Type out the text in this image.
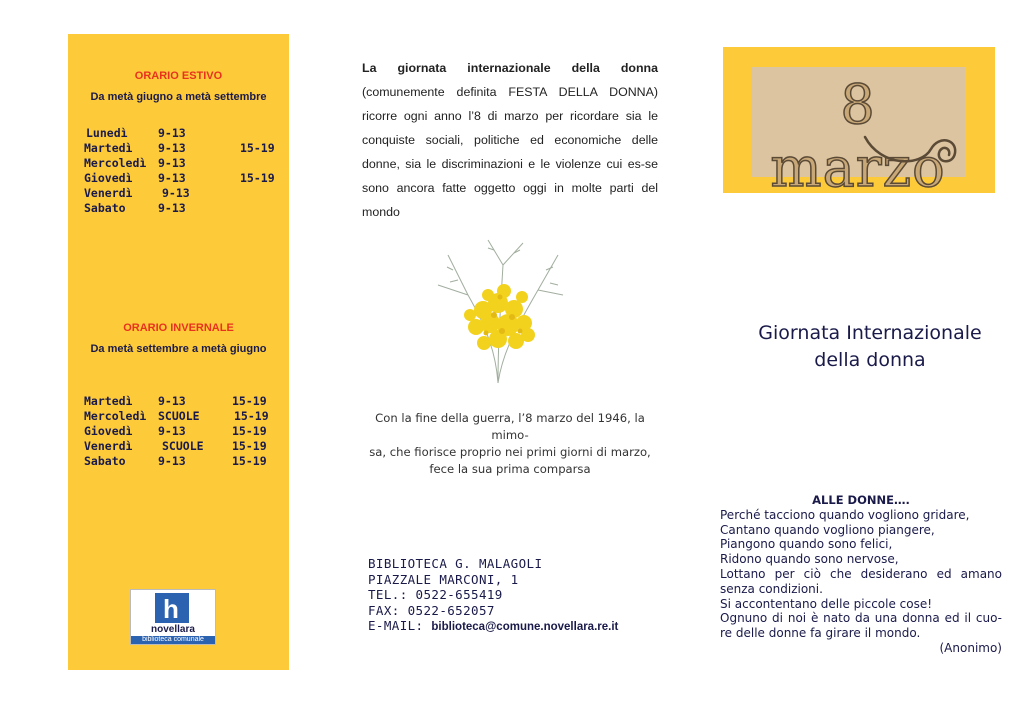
ORARIO ESTIVO
Da metà giugno a metà settembre
Lunedì	9-13
Martedì 9-13	15-19
Mercoledì 9-13
Giovedì 9-13	15-19
Venerdì	9-13
Sabato	9-13
ORARIO INVERNALE
Da metà settembre a metà giugno
Martedì 9-13	15-19
Mercoledì SCUOLE	15-19
Giovedì 9-13	15-19
Venerdì	SCUOLE 15-19
Sabato	9-13	15-19
h
novellara
biblioteca comunale
La giornata internazionale della donna
(comunemente definita FESTA DELLA DONNA) ricorre ogni anno l’8 di marzo per ricordare sia le conquiste sociali, politiche ed economiche delle donne, sia le discriminazioni e le violenze cui es-se sono ancora fatte oggetto oggi in molte parti del mondo
Con la fine della guerra, l’8 marzo del 1946, la mimo-
sa, che fiorisce proprio nei primi giorni di marzo,
fece la sua prima comparsa
BIBLIOTECA G. MALAGOLI
PIAZZALE MARCONI, 1
TEL.: 0522-655419
FAX: 0522-652057
E-MAIL: biblioteca@comune.novellara.re.it
8 marzo
Giornata Internazionale
della donna
ALLE DONNE….
Perché tacciono quando vogliono gridare,
Cantano quando vogliono piangere,
Piangono quando sono felici,
Ridono quando sono nervose,
Lottano per ciò che desiderano ed amano
senza condizioni.
Si accontentano delle piccole cose!
Ognuno di noi è nato da una donna ed il cuo-
re delle donne fa girare il mondo.
(Anonimo)
